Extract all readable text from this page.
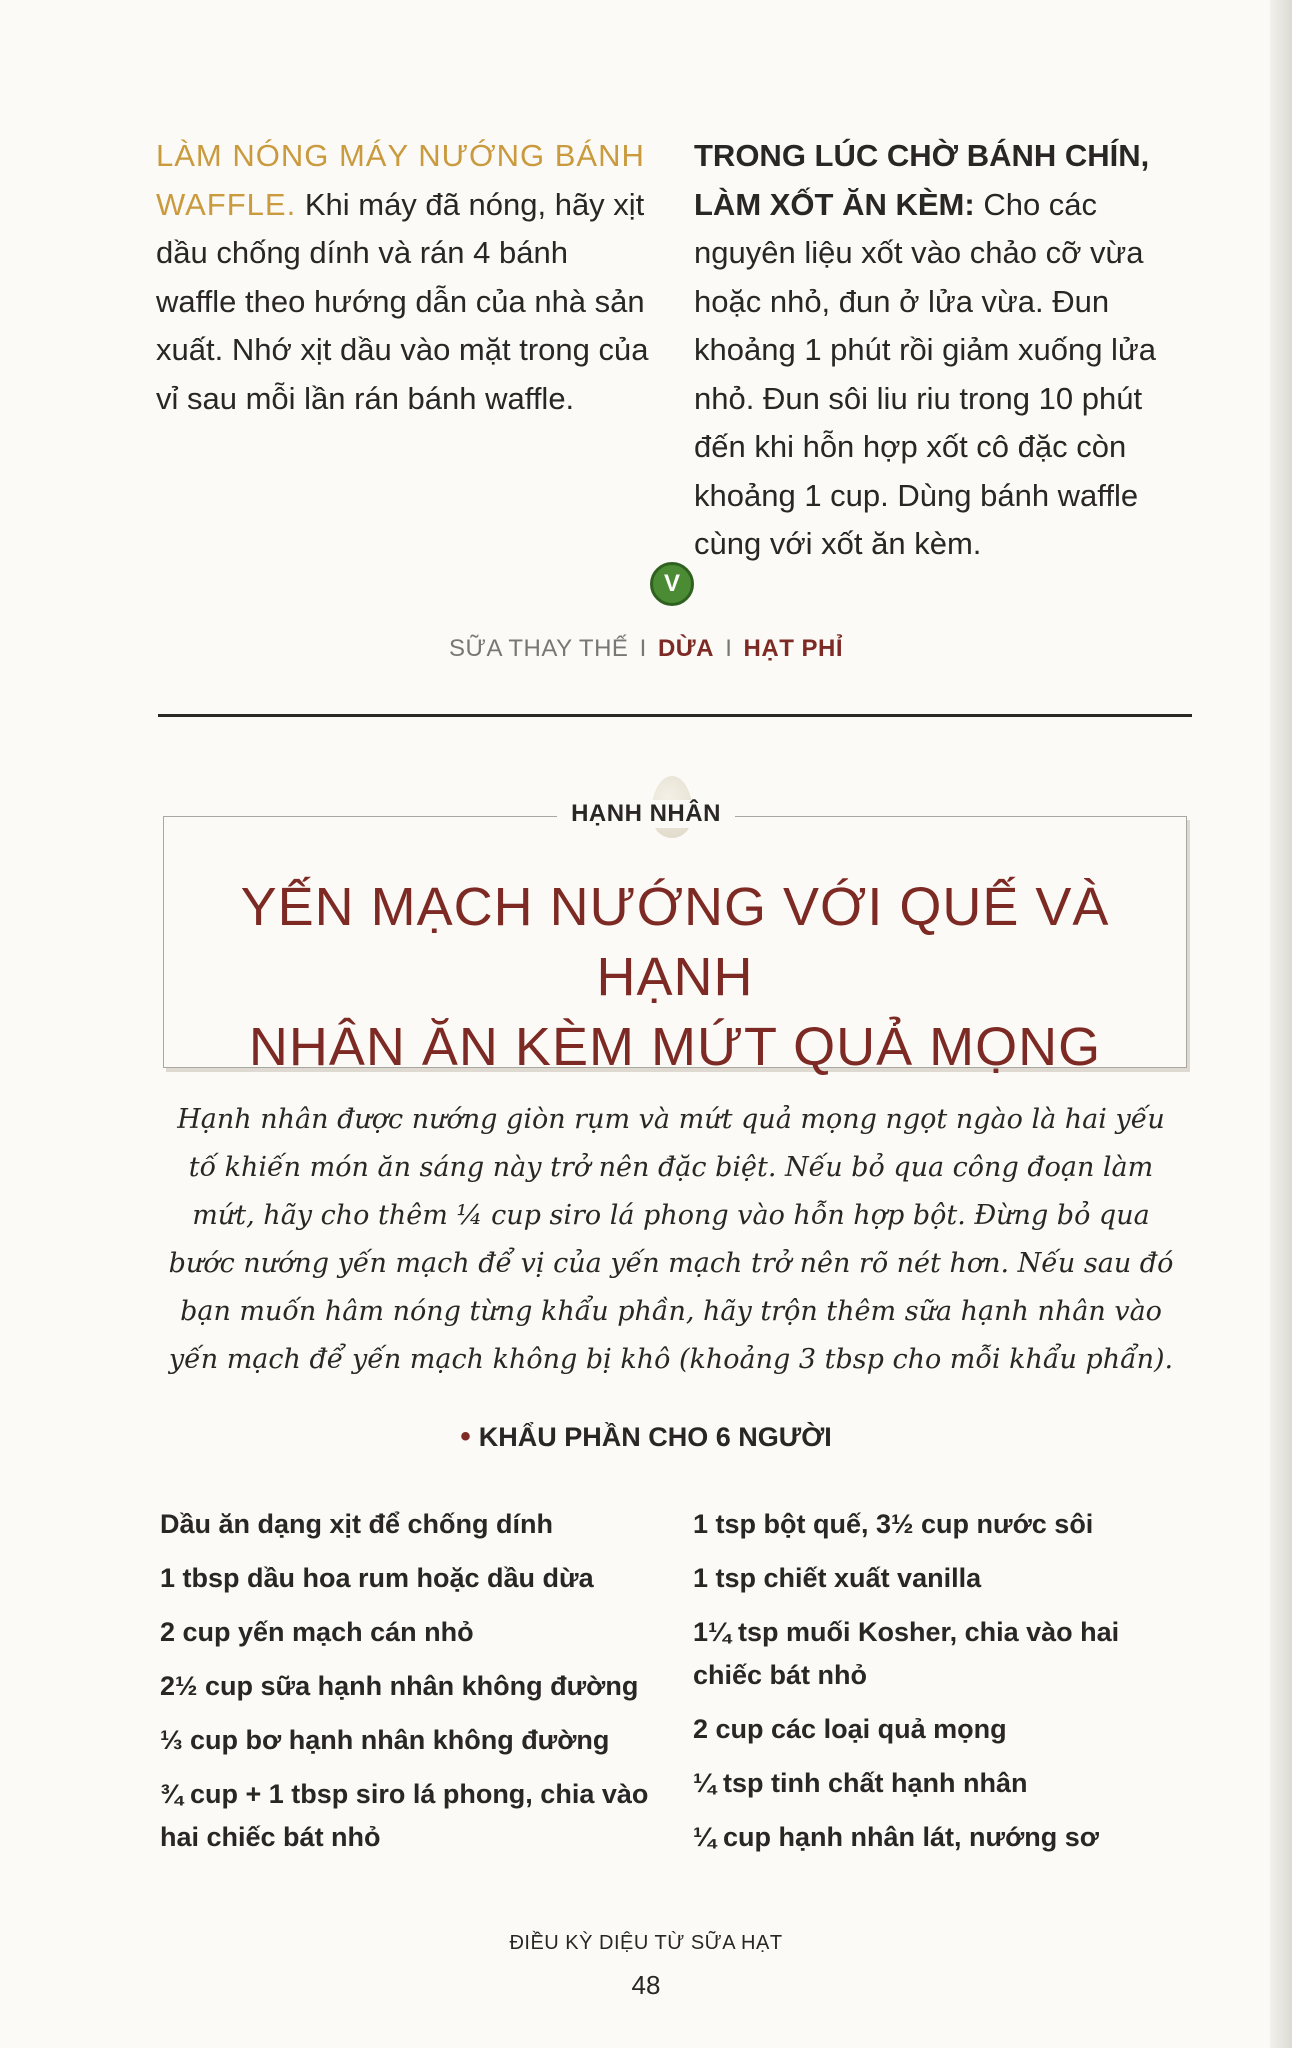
LÀM NÓNG MÁY NƯỚNG BÁNH WAFFLE. Khi máy đã nóng, hãy xịt dầu chống dính và rán 4 bánh waffle theo hướng dẫn của nhà sản xuất. Nhớ xịt dầu vào mặt trong của vỉ sau mỗi lần rán bánh waffle.
TRONG LÚC CHỜ BÁNH CHÍN, LÀM XỐT ĂN KÈM: Cho các nguyên liệu xốt vào chảo cỡ vừa hoặc nhỏ, đun ở lửa vừa. Đun khoảng 1 phút rồi giảm xuống lửa nhỏ. Đun sôi liu riu trong 10 phút đến khi hỗn hợp xốt cô đặc còn khoảng 1 cup. Dùng bánh waffle cùng với xốt ăn kèm.
V
SỮA THAY THẾ I DỪA I HẠT PHỈ
HẠNH NHÂN
YẾN MẠCH NƯỚNG VỚI QUẾ VÀ HẠNH
NHÂN ĂN KÈM MỨT QUẢ MỌNG
Hạnh nhân được nướng giòn rụm và mứt quả mọng ngọt ngào là hai yếu tố khiến món ăn sáng này trở nên đặc biệt. Nếu bỏ qua công đoạn làm mứt, hãy cho thêm ¼ cup siro lá phong vào hỗn hợp bột. Đừng bỏ qua bước nướng yến mạch để vị của yến mạch trở nên rõ nét hơn. Nếu sau đó bạn muốn hâm nóng từng khẩu phần, hãy trộn thêm sữa hạnh nhân vào yến mạch để yến mạch không bị khô (khoảng 3 tbsp cho mỗi khẩu phẩn).
• KHẨU PHẦN CHO 6 NGƯỜI
Dầu ăn dạng xịt để chống dính
1 tbsp dầu hoa rum hoặc dầu dừa
2 cup yến mạch cán nhỏ
2½ cup sữa hạnh nhân không đường
⅓ cup bơ hạnh nhân không đường
¾ cup + 1 tbsp siro lá phong, chia vào hai chiếc bát nhỏ
1 tsp bột quế, 3½ cup nước sôi
1 tsp chiết xuất vanilla
1¼ tsp muối Kosher, chia vào hai chiếc bát nhỏ
2 cup các loại quả mọng
¼ tsp tinh chất hạnh nhân
¼ cup hạnh nhân lát, nướng sơ
ĐIỀU KỲ DIỆU TỪ SỮA HẠT
48
